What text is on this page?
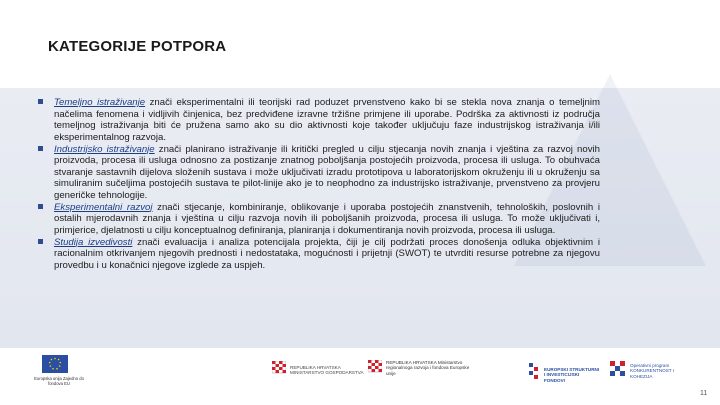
KATEGORIJE POTPORA
Temeljno istraživanje znači eksperimentalni ili teorijski rad poduzet prvenstveno kako bi se stekla nova znanja o temeljnim načelima fenomena i vidljivih činjenica, bez predviđene izravne tržišne primjene ili uporabe. Podrška za aktivnosti iz područja temeljnog istraživanja biti će pružena samo ako su dio aktivnosti koje također uključuju faze industrijskog istraživanja i/ili eksperimentalnog razvoja.
Industrijsko istraživanje znači planirano istraživanje ili kritički pregled u cilju stjecanja novih znanja i vještina za razvoj novih proizvoda, procesa ili usluga odnosno za postizanje znatnog poboljšanja postojećih proizvoda, procesa ili usluga. To obuhvaća stvaranje sastavnih dijelova složenih sustava i može uključivati izradu prototipova u laboratorijskom okruženju ili u okruženju sa simuliranim sučeljima postojećih sustava te pilot-linije ako je to neophodno za industrijsko istraživanje, prvenstveno za provjeru generičke tehnologije.
Eksperimentalni razvoj znači stjecanje, kombiniranje, oblikovanje i uporaba postojećih znanstvenih, tehnoloških, poslovnih i ostalih mjerodavnih znanja i vještina u cilju razvoja novih ili poboljšanih proizvoda, procesa ili usluga. To može uključivati i, primjerice, djelatnosti u cilju konceptualnog definiranja, planiranja i dokumentiranja novih proizvoda, procesa ili usluga.
Studija izvedivosti znači evaluacija i analiza potencijala projekta, čiji je cilj podržati proces donošenja odluka objektivnim i racionalnim otkrivanjem njegovih prednosti i nedostataka, mogućnosti i prijetnji (SWOT) te utvrditi resurse potrebne za njegovu provedbu i u konačnici njegove izglede za uspjeh.
Europska unija Zajedno do fondova EU
REPUBLIKA HRVATSKA MINISTARSTVO GOSPODARSTVA
REPUBLIKA HRVATSKA Ministarstvo regionalnoga razvoja i fondova Europske unije
EUROPSKI STRUKTURNI I INVESTICIJSKI FONDOVI
Operativni program KONKURENTNOST I KOHEZIJA
11
